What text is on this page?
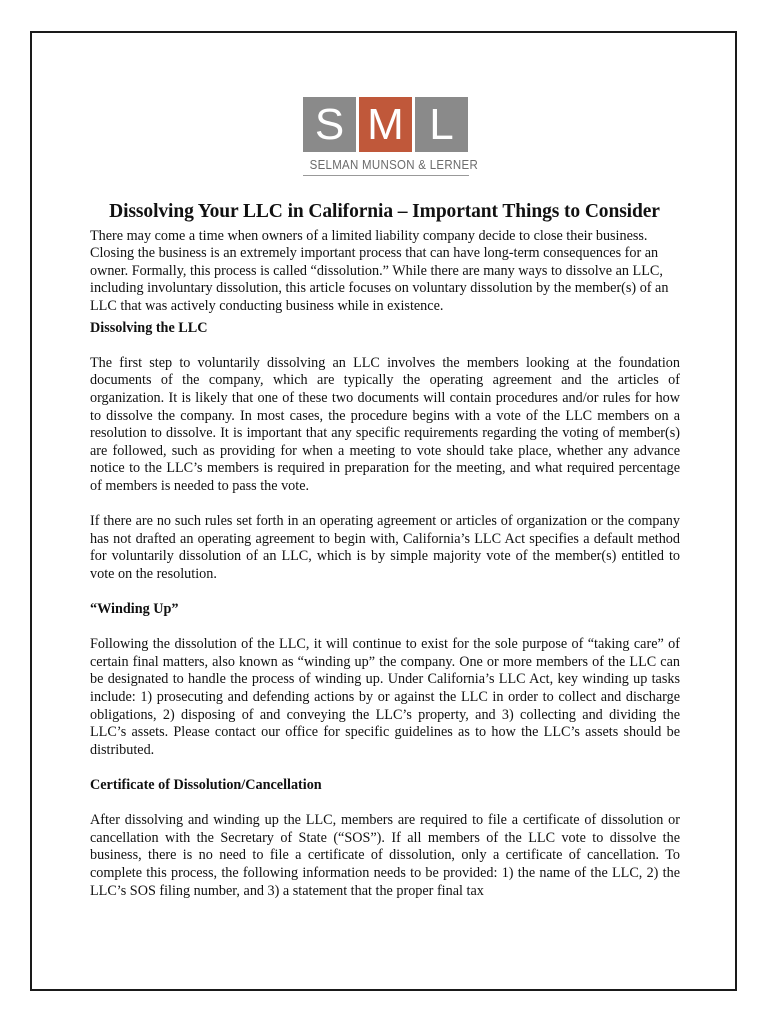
S M L
SELMAN MUNSON & LERNER
Dissolving Your LLC in California – Important Things to Consider

There may come a time when owners of a limited liability company decide to close their business. Closing the business is an extremely important process that can have long-term consequences for an owner. Formally, this process is called “dissolution.” While there are many ways to dissolve an LLC, including involuntary dissolution, this article focuses on voluntary dissolution by the member(s) of an LLC that was actively conducting business while in existence.

Dissolving the LLC

The first step to voluntarily dissolving an LLC involves the members looking at the foundation documents of the company, which are typically the operating agreement and the articles of organization. It is likely that one of these two documents will contain procedures and/or rules for how to dissolve the company. In most cases, the procedure begins with a vote of the LLC members on a resolution to dissolve. It is important that any specific requirements regarding the voting of member(s) are followed, such as providing for when a meeting to vote should take place, whether any advance notice to the LLC’s members is required in preparation for the meeting, and what required percentage of members is needed to pass the vote.

If there are no such rules set forth in an operating agreement or articles of organization or the company has not drafted an operating agreement to begin with, California’s LLC Act specifies a default method for voluntarily dissolution of an LLC, which is by simple majority vote of the member(s) entitled to vote on the resolution.

“Winding Up”

Following the dissolution of the LLC, it will continue to exist for the sole purpose of “taking care” of certain final matters, also known as “winding up” the company. One or more members of the LLC can be designated to handle the process of winding up. Under California’s LLC Act, key winding up tasks include: 1) prosecuting and defending actions by or against the LLC in order to collect and discharge obligations, 2) disposing of and conveying the LLC’s property, and 3) collecting and dividing the LLC’s assets. Please contact our office for specific guidelines as to how the LLC’s assets should be distributed.

Certificate of Dissolution/Cancellation

After dissolving and winding up the LLC, members are required to file a certificate of dissolution or cancellation with the Secretary of State (“SOS”). If all members of the LLC vote to dissolve the business, there is no need to file a certificate of dissolution, only a certificate of cancellation. To complete this process, the following information needs to be provided: 1) the name of the LLC, 2) the LLC’s SOS filing number, and 3) a statement that the proper final tax
